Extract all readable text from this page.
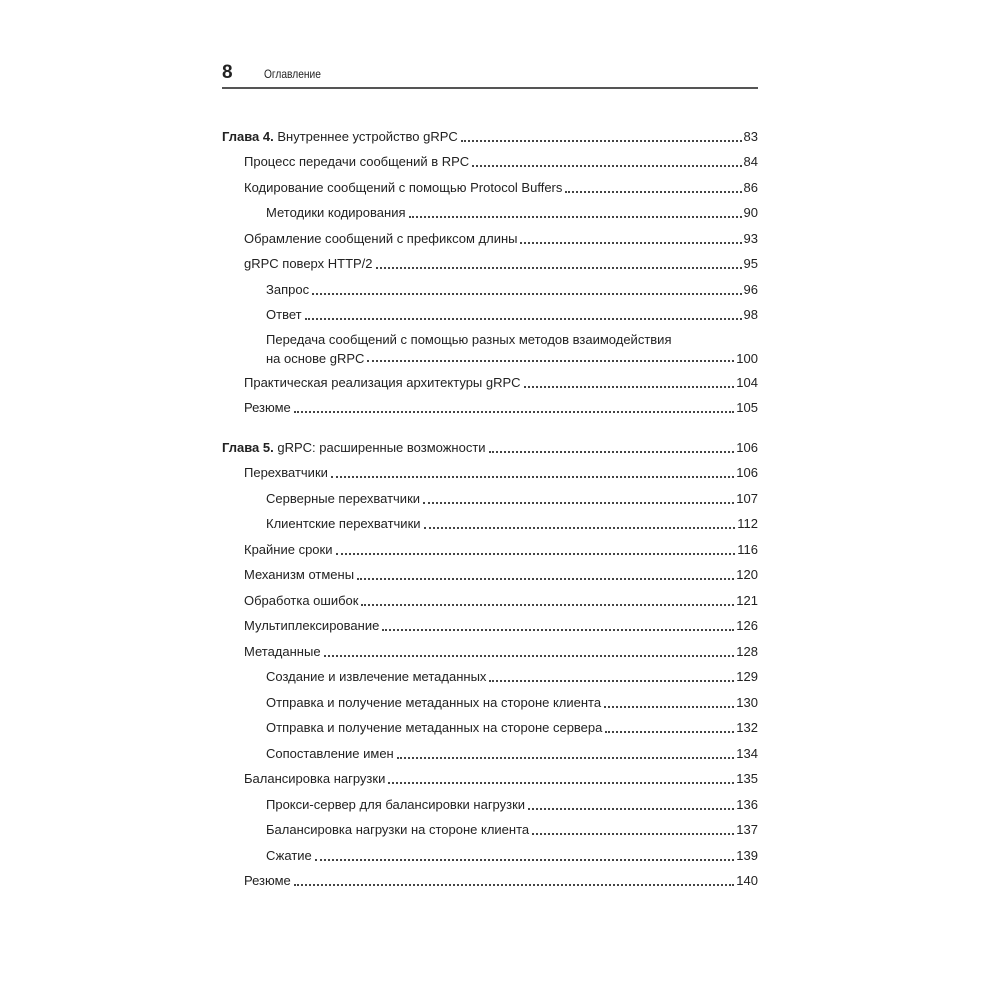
8	Оглавление
Глава 4. Внутреннее устройство gRPC	83
Процесс передачи сообщений в RPC	84
Кодирование сообщений с помощью Protocol Buffers	86
Методики кодирования	90
Обрамление сообщений с префиксом длины	93
gRPC поверх HTTP/2	95
Запрос	96
Ответ	98
Передача сообщений с помощью разных методов взаимодействия
на основе gRPC	100
Практическая реализация архитектуры gRPC	104
Резюме	105
Глава 5. gRPC: расширенные возможности	106
Перехватчики	106
Серверные перехватчики	107
Клиентские перехватчики	112
Крайние сроки	116
Механизм отмены	120
Обработка ошибок	121
Мультиплексирование	126
Метаданные	128
Создание и извлечение метаданных	129
Отправка и получение метаданных на стороне клиента	130
Отправка и получение метаданных на стороне сервера	132
Сопоставление имен	134
Балансировка нагрузки	135
Прокси-сервер для балансировки нагрузки	136
Балансировка нагрузки на стороне клиента	137
Сжатие	139
Резюме	140
